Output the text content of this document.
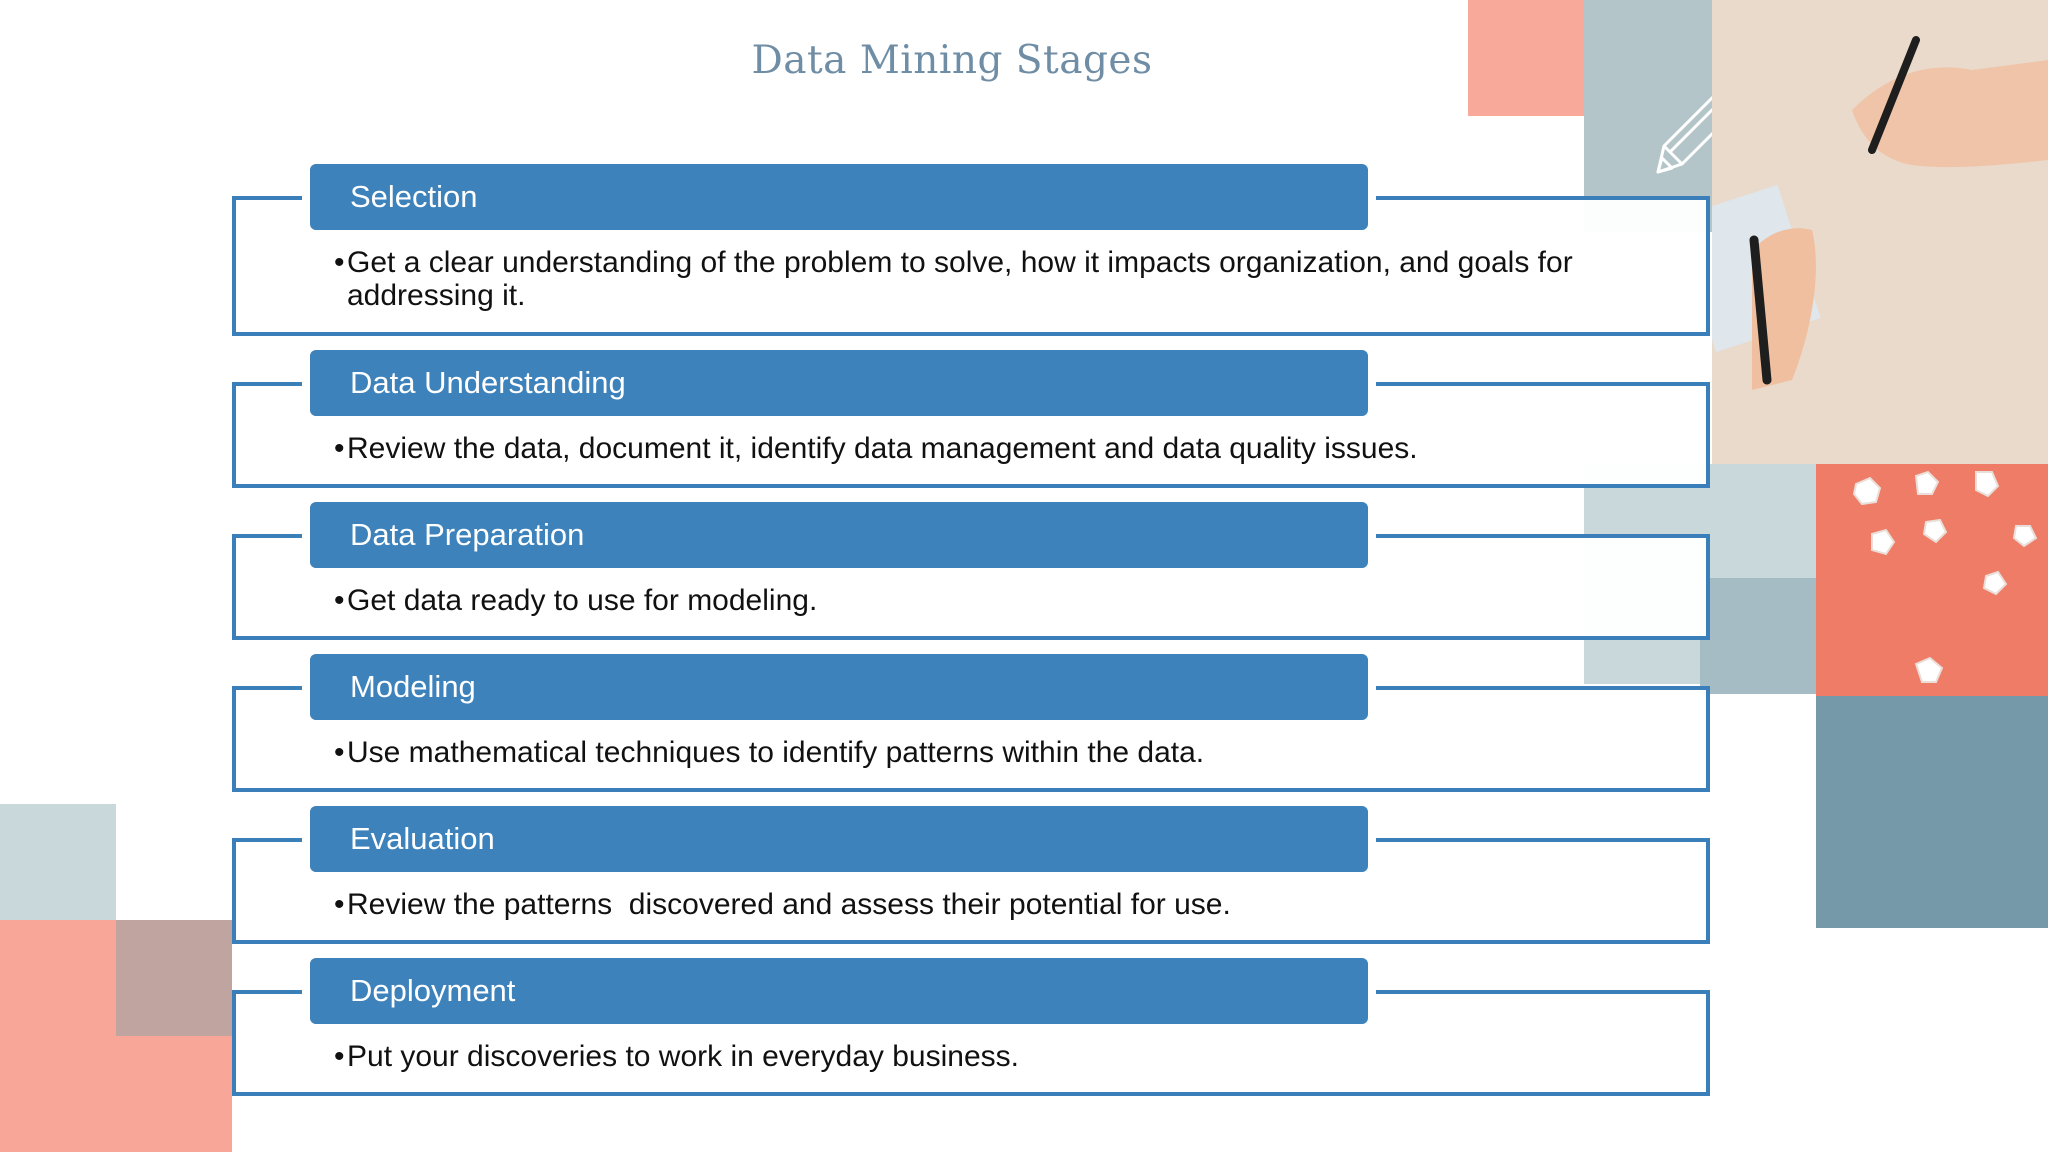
Data Mining Stages
Selection
• Get a clear understanding of the problem to solve, how it impacts organization, and goals for addressing it.
Data Understanding
• Review the data, document it, identify data management and data quality issues.
Data Preparation
• Get data ready to use for modeling.
Modeling
• Use mathematical techniques to identify patterns within the data.
Evaluation
• Review the patterns  discovered and assess their potential for use.
Deployment
• Put your discoveries to work in everyday business.
